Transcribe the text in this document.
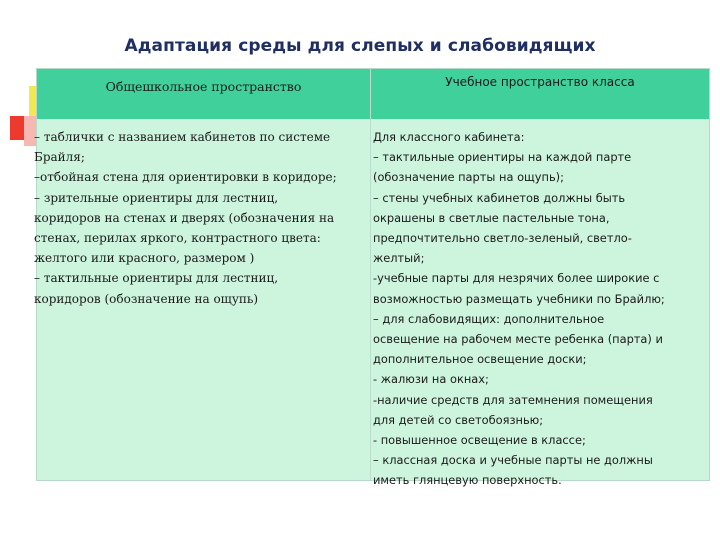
Адаптация среды для слепых и слабовидящих
Общешкольное пространство	Учебное пространство класса
– таблички с названием кабинетов по системе
Брайля;
–отбойная стена для ориентировки в коридоре;
– зрительные ориентиры для лестниц,
коридоров на стенах и дверях (обозначения на
стенах, перилах яркого, контрастного цвета:
желтого или красного, размером )
– тактильные ориентиры для лестниц,
коридоров (обозначение на ощупь)
Для классного кабинета:
– тактильные ориентиры на каждой парте
(обозначение парты на ощупь);
– стены учебных кабинетов должны быть
окрашены в светлые пастельные тона,
предпочтительно светло-зеленый, светло-
желтый;
-учебные парты для незрячих более широкие с
возможностью размещать учебники по Брайлю;
– для слабовидящих: дополнительное
освещение на рабочем месте ребенка (парта) и
дополнительное освещение доски;
- жалюзи на окнах;
-наличие средств для затемнения помещения
для детей со светобоязнью;
- повышенное освещение в классе;
– классная доска и учебные парты не должны
иметь глянцевую поверхность.
